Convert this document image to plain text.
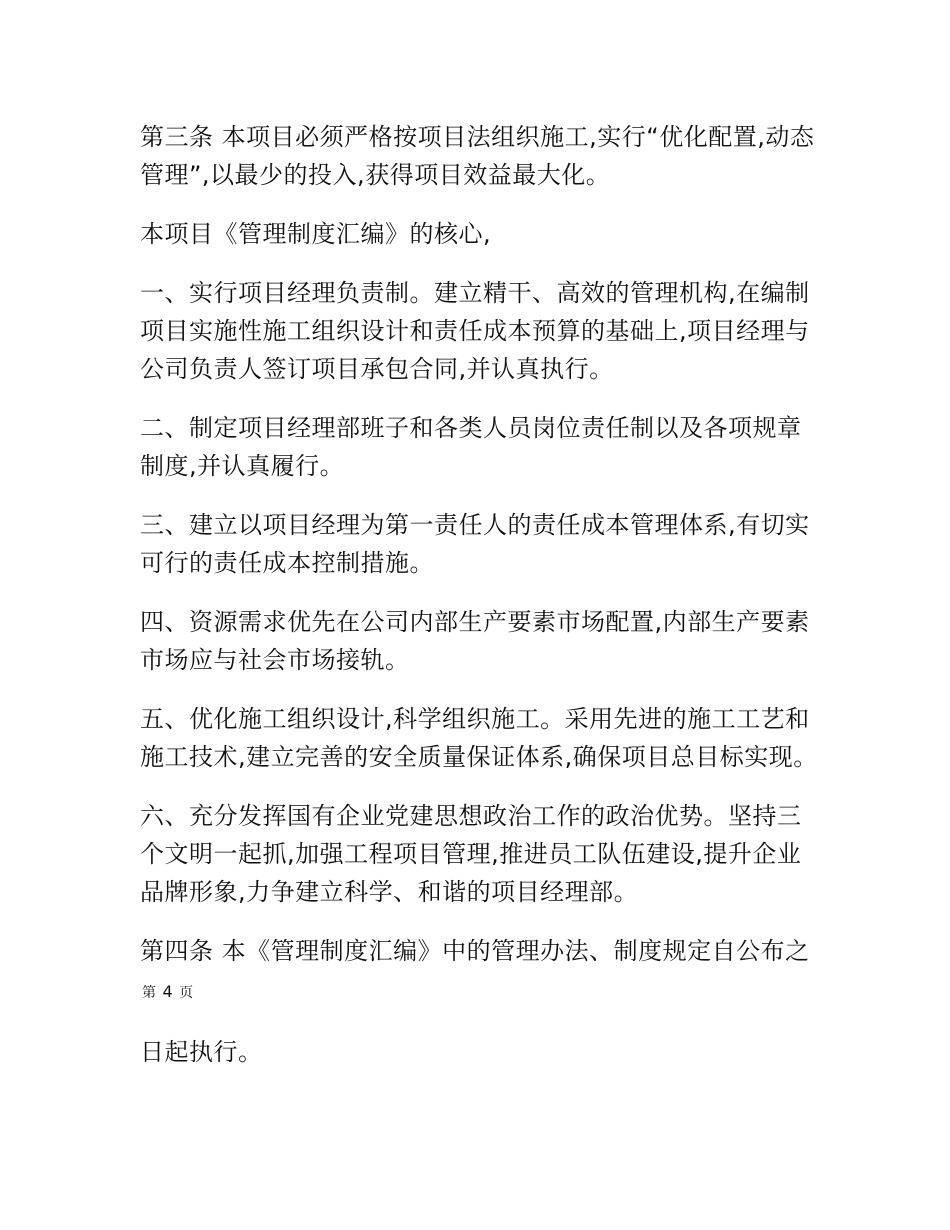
第三条 本项目必须严格按项目法组织施工,实行“优化配置,动态管理”,以最少的投入,获得项目效益最大化。

本项目《管理制度汇编》的核心,

一、实行项目经理负责制。建立精干、高效的管理机构,在编制项目实施性施工组织设计和责任成本预算的基础上,项目经理与公司负责人签订项目承包合同,并认真执行。

二、制定项目经理部班子和各类人员岗位责任制以及各项规章制度,并认真履行。

三、建立以项目经理为第一责任人的责任成本管理体系,有切实可行的责任成本控制措施。

四、资源需求优先在公司内部生产要素市场配置,内部生产要素市场应与社会市场接轨。

五、优化施工组织设计,科学组织施工。采用先进的施工工艺和施工技术,建立完善的安全质量保证体系,确保项目总目标实现。

六、充分发挥国有企业党建思想政治工作的政治优势。坚持三个文明一起抓,加强工程项目管理,推进员工队伍建设,提升企业品牌形象,力争建立科学、和谐的项目经理部。

第四条 本《管理制度汇编》中的管理办法、制度规定自公布之第 4 页

日起执行。
